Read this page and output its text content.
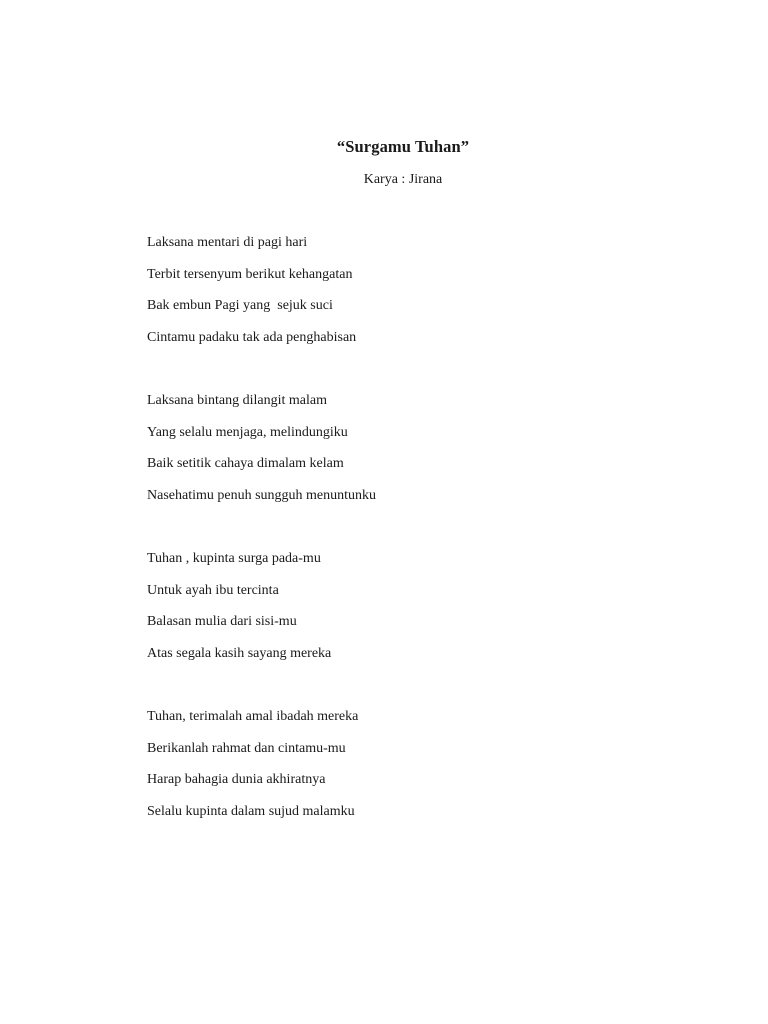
“Surgamu Tuhan”
Karya : Jirana
Laksana mentari di pagi hari
Terbit tersenyum berikut kehangatan
Bak embun Pagi yang  sejuk suci
Cintamu padaku tak ada penghabisan
Laksana bintang dilangit malam
Yang selalu menjaga, melindungiku
Baik setitik cahaya dimalam kelam
Nasehatimu penuh sungguh menuntunku
Tuhan , kupinta surga pada-mu
Untuk ayah ibu tercinta
Balasan mulia dari sisi-mu
Atas segala kasih sayang mereka
Tuhan, terimalah amal ibadah mereka
Berikanlah rahmat dan cintamu-mu
Harap bahagia dunia akhiratnya
Selalu kupinta dalam sujud malamku
